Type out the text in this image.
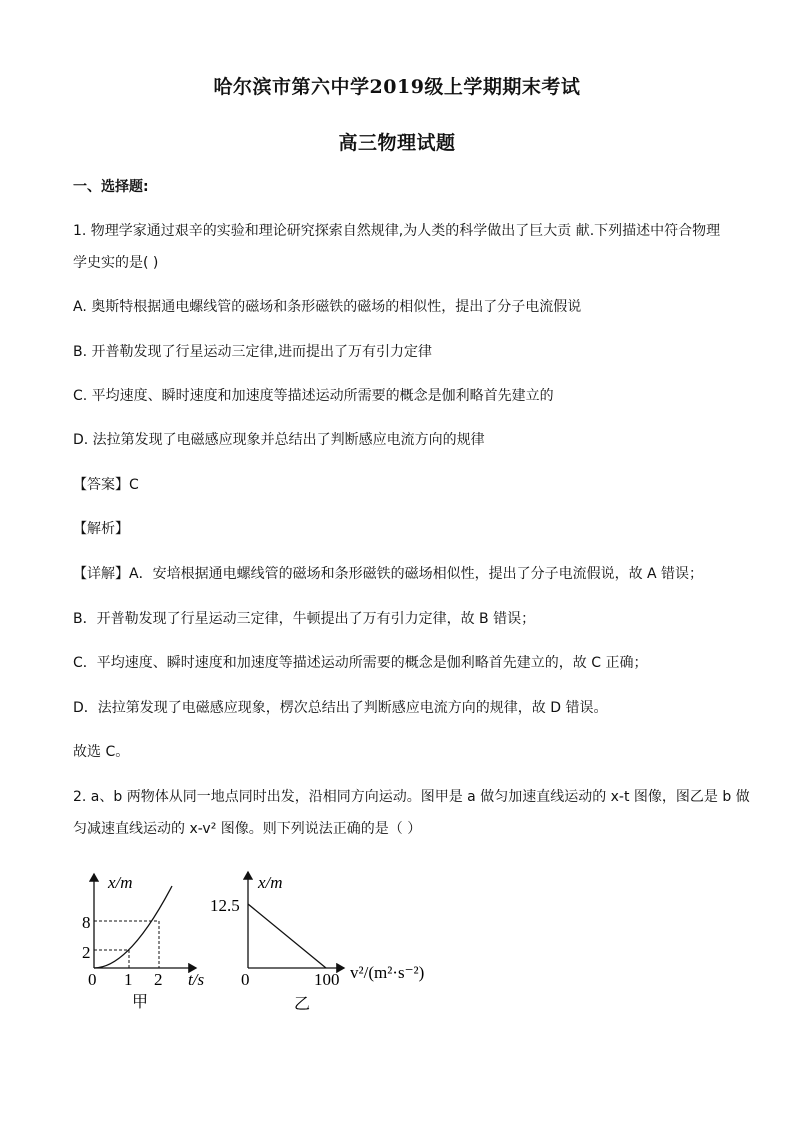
哈尔滨市第六中学2019级上学期期末考试
高三物理试题
一、选择题:
1. 物理学家通过艰辛的实验和理论研究探索自然规律,为人类的科学做出了巨大贡 献.下列描述中符合物理
学史实的是( )
A. 奥斯特根据通电螺线管的磁场和条形磁铁的磁场的相似性，提出了分子电流假说
B. 开普勒发现了行星运动三定律,进而提出了万有引力定律
C. 平均速度、瞬时速度和加速度等描述运动所需要的概念是伽利略首先建立的
D. 法拉第发现了电磁感应现象并总结出了判断感应电流方向的规律
【答案】C
【解析】
【详解】A．安培根据通电螺线管的磁场和条形磁铁的磁场相似性，提出了分子电流假说，故 A 错误；
B．开普勒发现了行星运动三定律，牛顿提出了万有引力定律，故 B 错误；
C．平均速度、瞬时速度和加速度等描述运动所需要的概念是伽利略首先建立的，故 C 正确；
D．法拉第发现了电磁感应现象，楞次总结出了判断感应电流方向的规律，故 D 错误。
故选 C。
2. a、b 两物体从同一地点同时出发，沿相同方向运动。图甲是 a 做匀加速直线运动的 x-t 图像，图乙是 b 做
匀减速直线运动的 x-v² 图像。则下列说法正确的是（ ）
x/m
8
2
0 1 2 t/s
甲
x/m
12.5
0	100 v²/(m²·s⁻²)
乙
